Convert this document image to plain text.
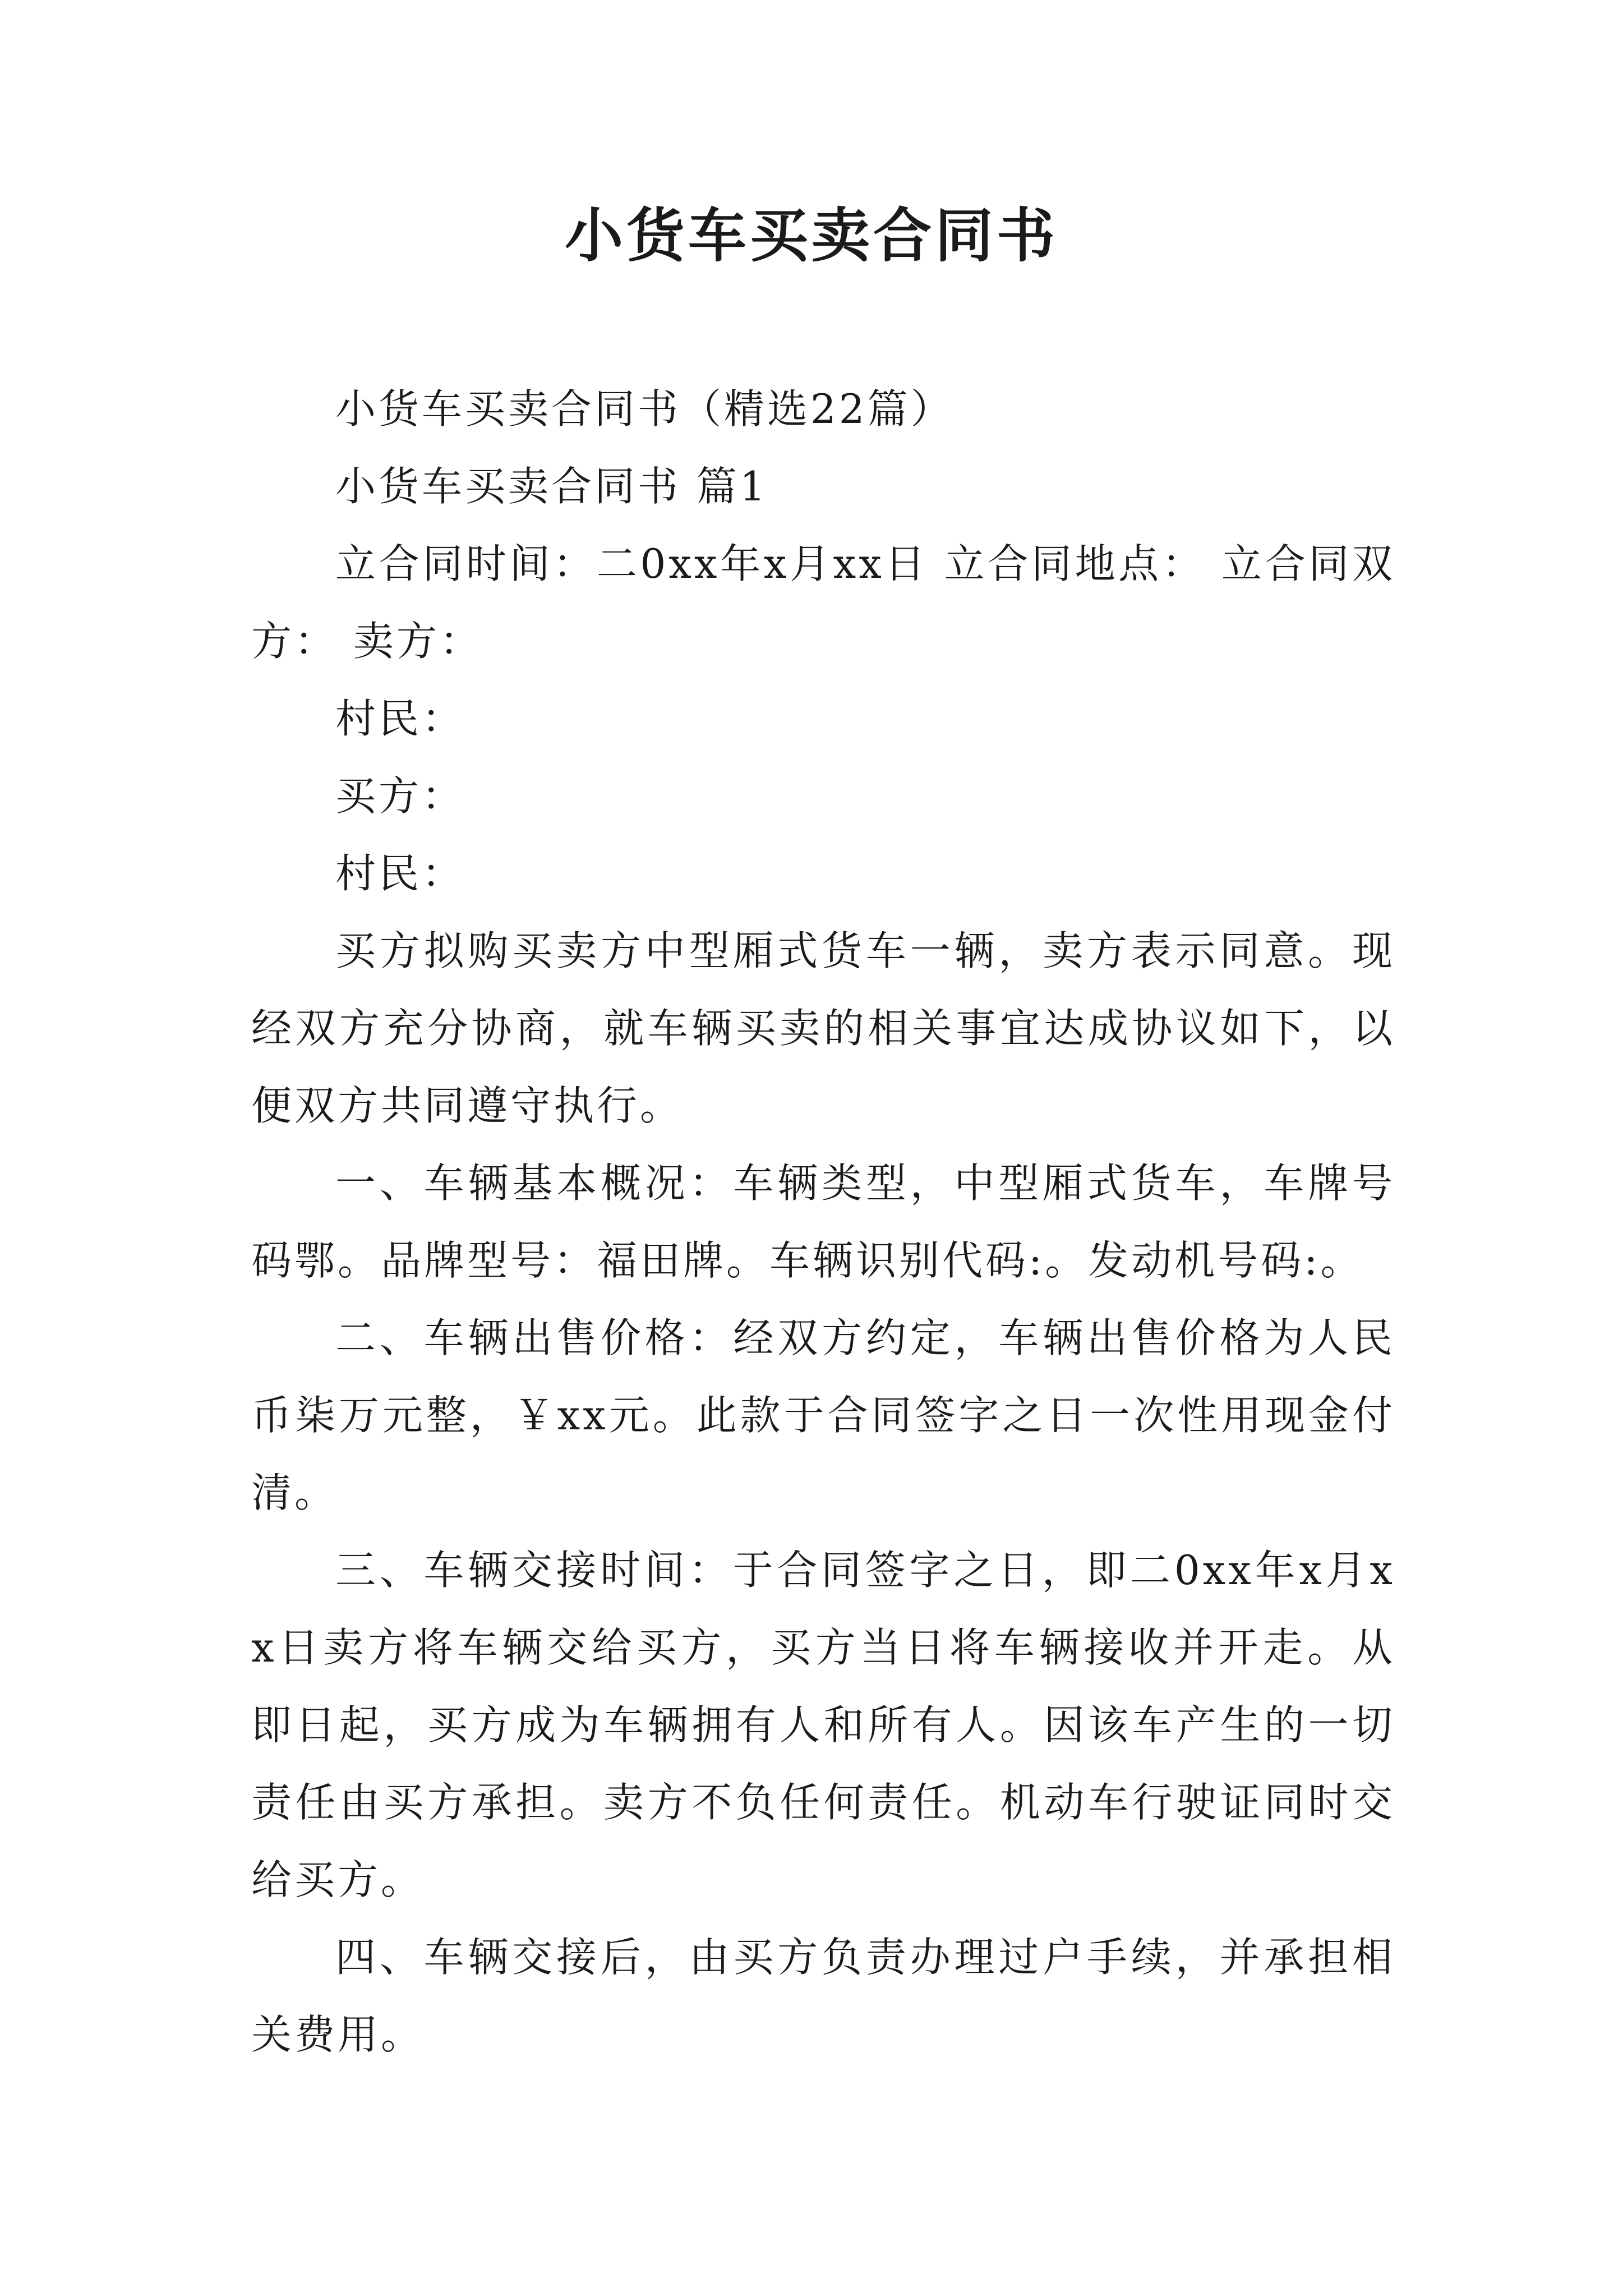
小货车买卖合同书

小货车买卖合同书（精选22篇）

小货车买卖合同书 篇1

立合同时间：二0xx年x月xx日 立合同地点： 立合同双方： 卖方：

村民：

买方：

村民：

买方拟购买卖方中型厢式货车一辆，卖方表示同意。现经双方充分协商，就车辆买卖的相关事宜达成协议如下，以便双方共同遵守执行。

一、车辆基本概况：车辆类型，中型厢式货车，车牌号码鄂。品牌型号：福田牌。车辆识别代码:。发动机号码:。

二、车辆出售价格：经双方约定，车辆出售价格为人民币柒万元整，￥xx元。此款于合同签字之日一次性用现金付清。

三、车辆交接时间：于合同签字之日，即二0xx年x月xx日卖方将车辆交给买方，买方当日将车辆接收并开走。从即日起，买方成为车辆拥有人和所有人。因该车产生的一切责任由买方承担。卖方不负任何责任。机动车行驶证同时交给买方。

四、车辆交接后，由买方负责办理过户手续，并承担相关费用。
